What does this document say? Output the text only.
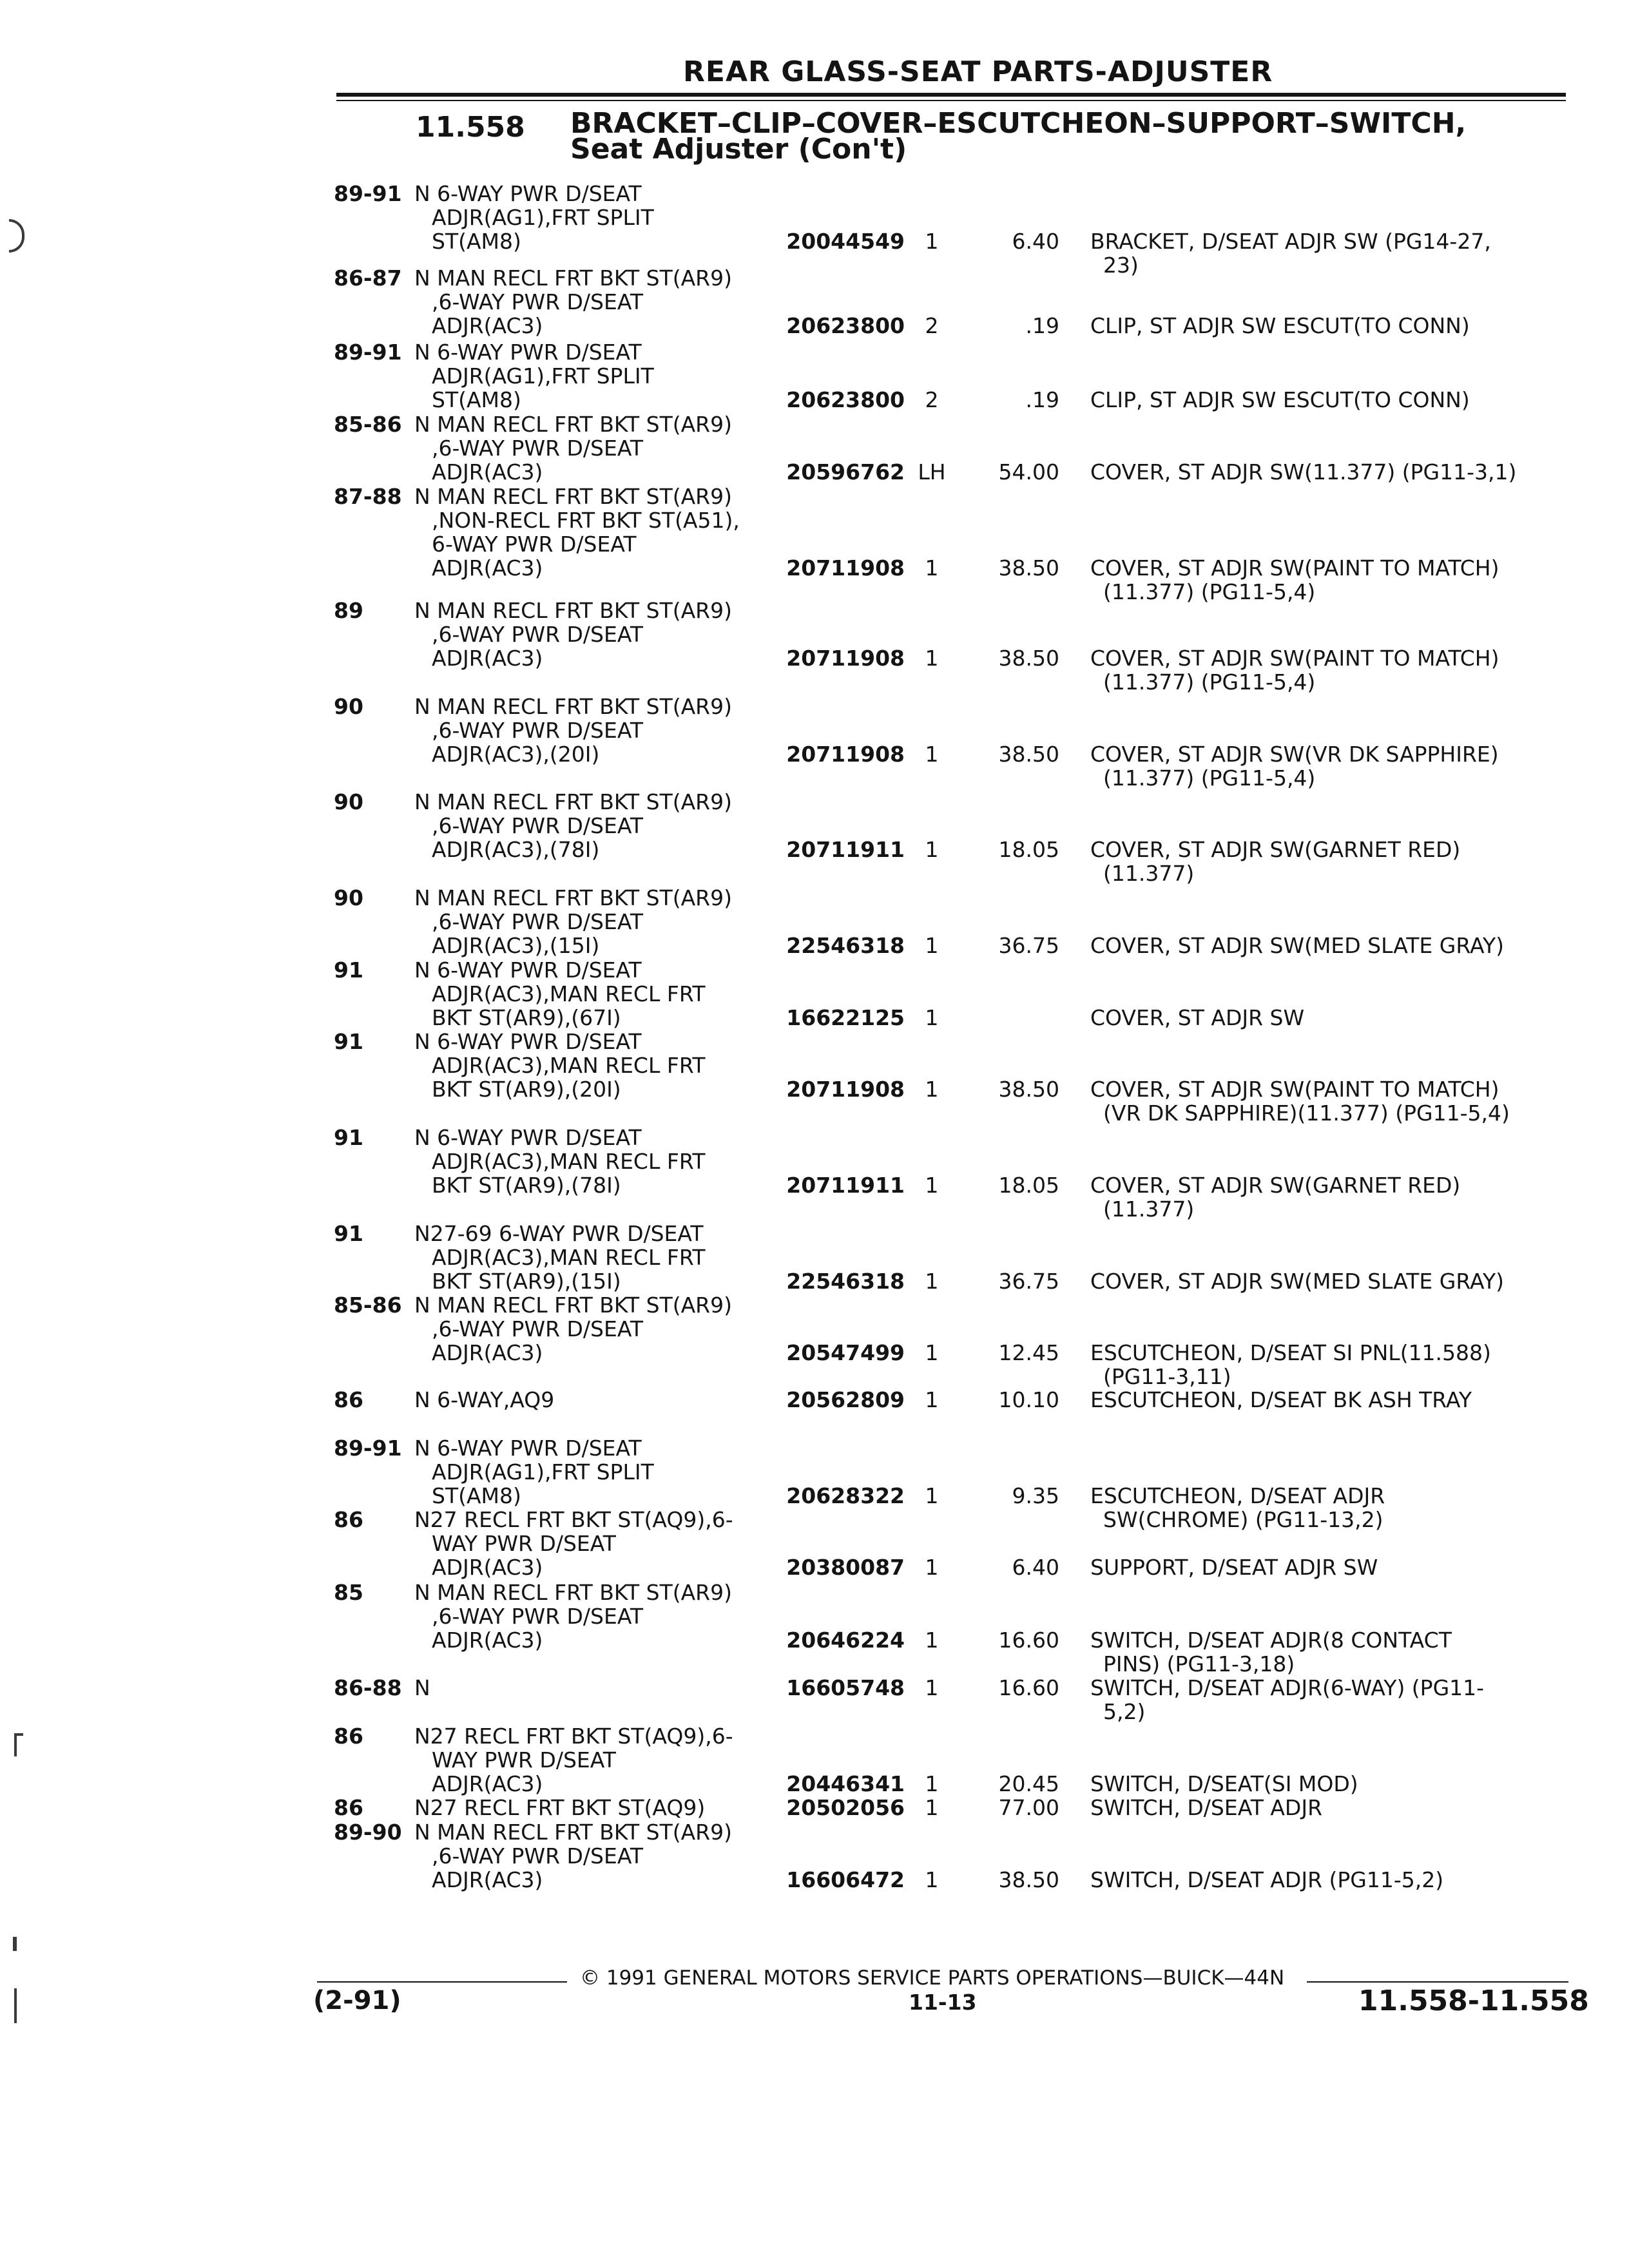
REAR GLASS-SEAT PARTS-ADJUSTER
11.558 BRACKET–CLIP–COVER–ESCUTCHEON–SUPPORT–SWITCH, Seat Adjuster (Con't)
89-91 N 6-WAY PWR D/SEAT
ADJR(AG1),FRT SPLIT
ST(AM8)	20044549 1	6.40 BRACKET, D/SEAT ADJR SW (PG14-27,
23)
86-87 N MAN RECL FRT BKT ST(AR9)
,6-WAY PWR D/SEAT
ADJR(AC3)	20623800 2	.19 CLIP, ST ADJR SW ESCUT(TO CONN)
89-91 N 6-WAY PWR D/SEAT
ADJR(AG1),FRT SPLIT
ST(AM8)	20623800 2	.19 CLIP, ST ADJR SW ESCUT(TO CONN)
85-86 N MAN RECL FRT BKT ST(AR9)
,6-WAY PWR D/SEAT
ADJR(AC3)	20596762 LH	54.00 COVER, ST ADJR SW(11.377) (PG11-3,1)
87-88 N MAN RECL FRT BKT ST(AR9)
,NON-RECL FRT BKT ST(A51),
6-WAY PWR D/SEAT
ADJR(AC3)	20711908 1	38.50 COVER, ST ADJR SW(PAINT TO MATCH)
(11.377) (PG11-5,4)
89 N MAN RECL FRT BKT ST(AR9)
,6-WAY PWR D/SEAT
ADJR(AC3)	20711908 1	38.50 COVER, ST ADJR SW(PAINT TO MATCH)
(11.377) (PG11-5,4)
90 N MAN RECL FRT BKT ST(AR9)
,6-WAY PWR D/SEAT
ADJR(AC3),(20I)	20711908 1	38.50 COVER, ST ADJR SW(VR DK SAPPHIRE)
(11.377) (PG11-5,4)
90 N MAN RECL FRT BKT ST(AR9)
,6-WAY PWR D/SEAT
ADJR(AC3),(78I)	20711911 1	18.05 COVER, ST ADJR SW(GARNET RED)
(11.377)
90 N MAN RECL FRT BKT ST(AR9)
,6-WAY PWR D/SEAT
ADJR(AC3),(15I)	22546318 1	36.75 COVER, ST ADJR SW(MED SLATE GRAY)
91 N 6-WAY PWR D/SEAT
ADJR(AC3),MAN RECL FRT
BKT ST(AR9),(67I)	16622125 1	COVER, ST ADJR SW
91 N 6-WAY PWR D/SEAT
ADJR(AC3),MAN RECL FRT
BKT ST(AR9),(20I)	20711908 1	38.50 COVER, ST ADJR SW(PAINT TO MATCH)
(VR DK SAPPHIRE)(11.377) (PG11-5,4)
91 N 6-WAY PWR D/SEAT
ADJR(AC3),MAN RECL FRT
BKT ST(AR9),(78I)	20711911 1	18.05 COVER, ST ADJR SW(GARNET RED)
(11.377)
91 N27-69 6-WAY PWR D/SEAT
ADJR(AC3),MAN RECL FRT
BKT ST(AR9),(15I)	22546318 1	36.75 COVER, ST ADJR SW(MED SLATE GRAY)
85-86 N MAN RECL FRT BKT ST(AR9)
,6-WAY PWR D/SEAT
ADJR(AC3)	20547499 1	12.45 ESCUTCHEON, D/SEAT SI PNL(11.588)
(PG11-3,11)
86 N 6-WAY,AQ9	20562809 1	10.10 ESCUTCHEON, D/SEAT BK ASH TRAY
89-91 N 6-WAY PWR D/SEAT
ADJR(AG1),FRT SPLIT
ST(AM8)	20628322 1	9.35 ESCUTCHEON, D/SEAT ADJR
SW(CHROME) (PG11-13,2)
86 N27 RECL FRT BKT ST(AQ9),6-
WAY PWR D/SEAT
ADJR(AC3)	20380087 1	6.40 SUPPORT, D/SEAT ADJR SW
85 N MAN RECL FRT BKT ST(AR9)
,6-WAY PWR D/SEAT
ADJR(AC3)	20646224 1	16.60 SWITCH, D/SEAT ADJR(8 CONTACT
PINS) (PG11-3,18)
86-88 N	16605748 1	16.60 SWITCH, D/SEAT ADJR(6-WAY) (PG11-
5,2)
86 N27 RECL FRT BKT ST(AQ9),6-
WAY PWR D/SEAT
ADJR(AC3)	20446341 1	20.45 SWITCH, D/SEAT(SI MOD)
86 N27 RECL FRT BKT ST(AQ9)	20502056 1	77.00 SWITCH, D/SEAT ADJR
89-90 N MAN RECL FRT BKT ST(AR9)
,6-WAY PWR D/SEAT
ADJR(AC3)	16606472 1	38.50 SWITCH, D/SEAT ADJR (PG11-5,2)
© 1991 GENERAL MOTORS SERVICE PARTS OPERATIONS—BUICK—44N
(2-91)	11-13	11.558-11.558
